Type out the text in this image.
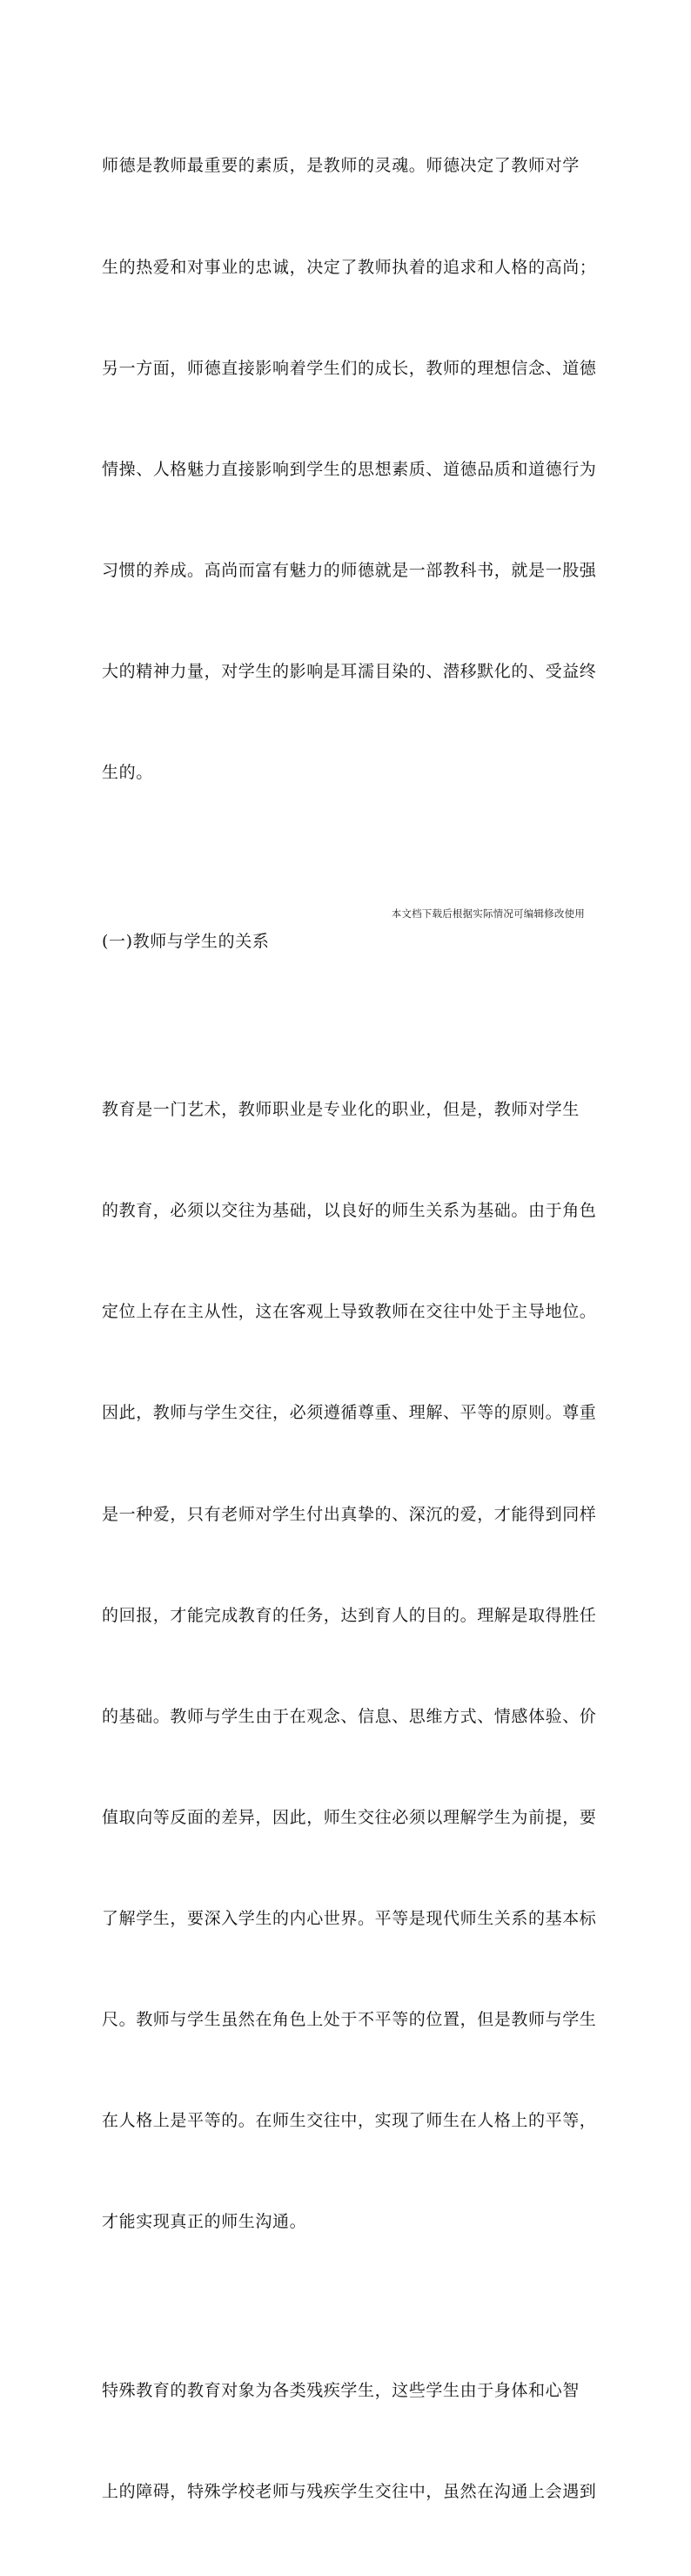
师德是教师最重要的素质，是教师的灵魂。师德决定了教师对学

生的热爱和对事业的忠诚，决定了教师执着的追求和人格的高尚；

另一方面，师德直接影响着学生们的成长，教师的理想信念、道德

情操、人格魅力直接影响到学生的思想素质、道德品质和道德行为

习惯的养成。高尚而富有魅力的师德就是一部教科书，就是一股强

大的精神力量，对学生的影响是耳濡目染的、潜移默化的、受益终

生的。

(一)教师与学生的关系

教育是一门艺术，教师职业是专业化的职业，但是，教师对学生

的教育，必须以交往为基础，以良好的师生关系为基础。由于角色

定位上存在主从性，这在客观上导致教师在交往中处于主导地位。

因此，教师与学生交往，必须遵循尊重、理解、平等的原则。尊重

是一种爱，只有老师对学生付出真挚的、深沉的爱，才能得到同样

的回报，才能完成教育的任务，达到育人的目的。理解是取得胜任

的基础。教师与学生由于在观念、信息、思维方式、情感体验、价

值取向等反面的差异，因此，师生交往必须以理解学生为前提，要

了解学生，要深入学生的内心世界。平等是现代师生关系的基本标

尺。教师与学生虽然在角色上处于不平等的位置，但是教师与学生

在人格上是平等的。在师生交往中，实现了师生在人格上的平等，

才能实现真正的师生沟通。

特殊教育的教育对象为各类残疾学生，这些学生由于身体和心智

上的障碍，特殊学校老师与残疾学生交往中，虽然在沟通上会遇到

本文档下载后根据实际情况可编辑修改使用
